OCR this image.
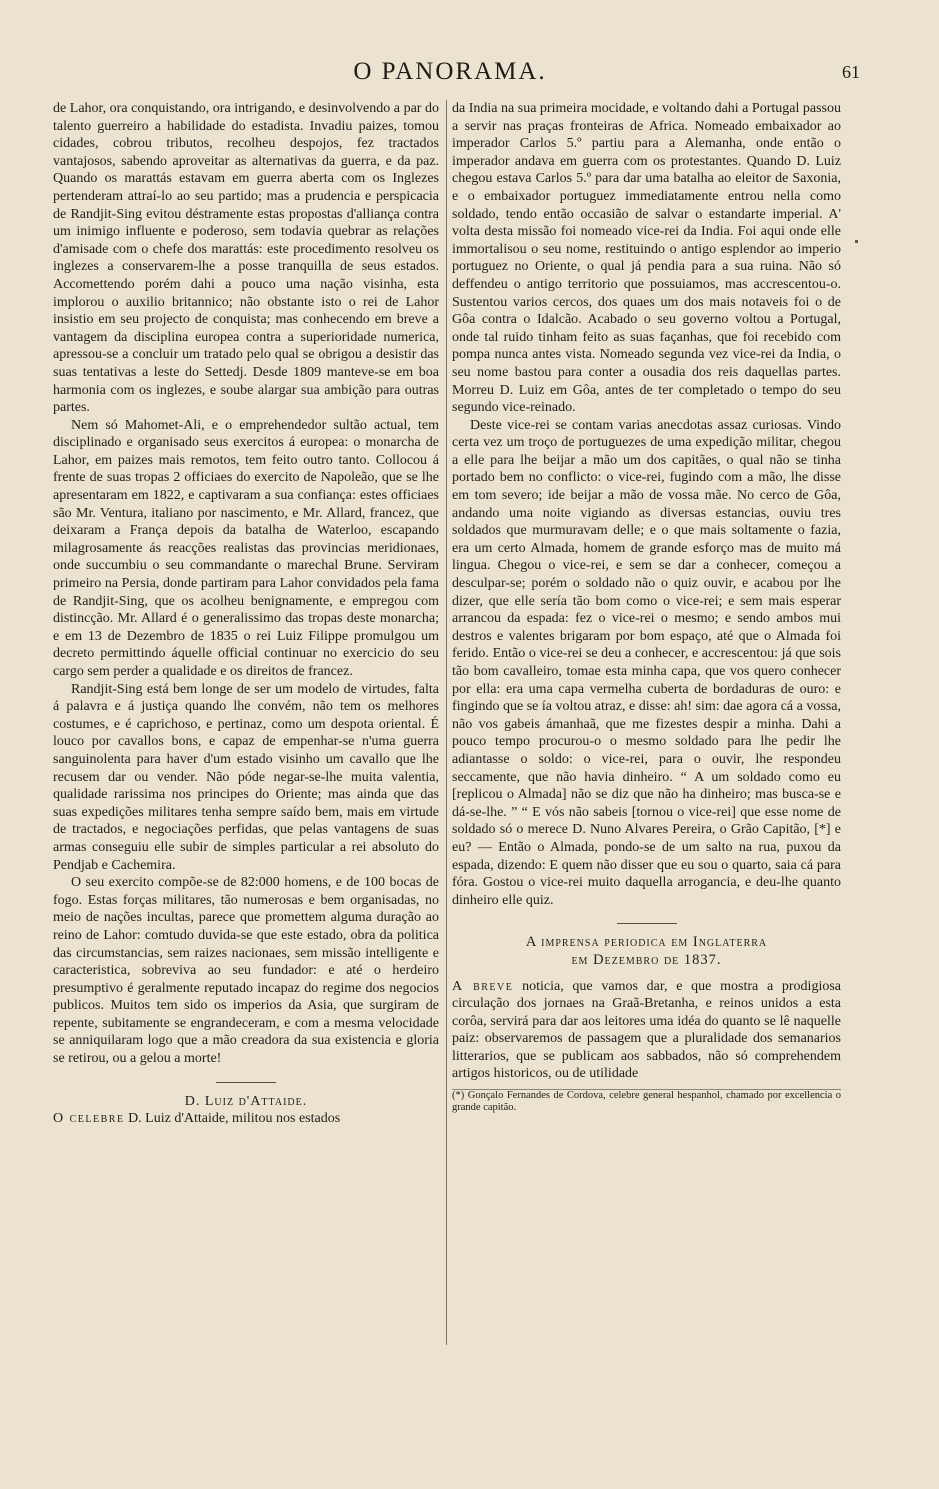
O PANORAMA.	61

de Lahor, ora conquistando, ora intrigando, e desinvolvendo a par do talento guerreiro a habilidade do estadista. Invadiu paizes, tomou cidades, cobrou tributos, recolheu despojos, fez tractados vantajosos, sabendo aproveitar as alternativas da guerra, e da paz. Quando os marattás estavam em guerra aberta com os Inglezes pertenderam attraí-lo ao seu partido; mas a prudencia e perspicacia de Randjit-Sing evitou déstramente estas propostas d'alliança contra um inimigo influente e poderoso, sem todavia quebrar as relações d'amisade com o chefe dos marattás: este procedimento resolveu os inglezes a conservarem-lhe a posse tranquilla de seus estados. Accomettendo porém dahi a pouco uma nação visinha, esta implorou o auxilio britannico; não obstante isto o rei de Lahor insistio em seu projecto de conquista; mas conhecendo em breve a vantagem da disciplina europea contra a superioridade numerica, apressou-se a concluir um tratado pelo qual se obrigou a desistir das suas tentativas a leste do Settedj. Desde 1809 manteve-se em boa harmonia com os inglezes, e soube alargar sua ambição para outras partes.

Nem só Mahomet-Ali, e o emprehendedor sultão actual, tem disciplinado e organisado seus exercitos á europea: o monarcha de Lahor, em paizes mais remotos, tem feito outro tanto. Collocou á frente de suas tropas 2 officiaes do exercito de Napoleão, que se lhe apresentaram em 1822, e captivaram a sua confiança: estes officiaes são Mr. Ventura, italiano por nascimento, e Mr. Allard, francez, que deixaram a França depois da batalha de Waterloo, escapando milagrosamente ás reacções realistas das provincias meridionaes, onde succumbiu o seu commandante o marechal Brune. Serviram primeiro na Persia, donde partiram para Lahor convidados pela fama de Randjit-Sing, que os acolheu benignamente, e empregou com distincção. Mr. Allard é o generalissimo das tropas deste monarcha; e em 13 de Dezembro de 1835 o rei Luiz Filippe promulgou um decreto permittindo áquelle official continuar no exercicio do seu cargo sem perder a qualidade e os direitos de francez.

Randjit-Sing está bem longe de ser um modelo de virtudes, falta á palavra e á justiça quando lhe convém, não tem os melhores costumes, e é caprichoso, e pertinaz, como um despota oriental. É louco por cavallos bons, e capaz de empenhar-se n'uma guerra sanguinolenta para haver d'um estado visinho um cavallo que lhe recusem dar ou vender. Não póde negar-se-lhe muita valentia, qualidade rarissima nos principes do Oriente; mas ainda que das suas expedições militares tenha sempre saído bem, mais em virtude de tractados, e negociações perfidas, que pelas vantagens de suas armas conseguiu elle subir de simples particular a rei absoluto do Pendjab e Cachemira.

O seu exercito compõe-se de 82:000 homens, e de 100 bocas de fogo. Estas forças militares, tão numerosas e bem organisadas, no meio de nações incultas, parece que promettem alguma duração ao reino de Lahor: comtudo duvida-se que este estado, obra da politica das circumstancias, sem raizes nacionaes, sem missão intelligente e caracteristica, sobreviva ao seu fundador: e até o herdeiro presumptivo é geralmente reputado incapaz do regime dos negocios publicos. Muitos tem sido os imperios da Asia, que surgiram de repente, subitamente se engrandeceram, e com a mesma velocidade se anniquilaram logo que a mão creadora da sua existencia e gloria se retirou, ou a gelou a morte!

D. Luiz d'Attaide.

O celebre D. Luiz d'Attaide, militou nos estados

da India na sua primeira mocidade, e voltando dahi a Portugal passou a servir nas praças fronteiras de Africa. Nomeado embaixador ao imperador Carlos 5.º partiu para a Alemanha, onde então o imperador andava em guerra com os protestantes. Quando D. Luiz chegou estava Carlos 5.º para dar uma batalha ao eleitor de Saxonia, e o embaixador portuguez immediatamente entrou nella como soldado, tendo então occasião de salvar o estandarte imperial. A' volta desta missão foi nomeado vice-rei da India. Foi aqui onde elle immortalisou o seu nome, restituindo o antigo esplendor ao imperio portuguez no Oriente, o qual já pendia para a sua ruina. Não só deffendeu o antigo territorio que possuiamos, mas accrescentou-o. Sustentou varios cercos, dos quaes um dos mais notaveis foi o de Gôa contra o Idalcão. Acabado o seu governo voltou a Portugal, onde tal ruido tinham feito as suas façanhas, que foi recebido com pompa nunca antes vista. Nomeado segunda vez vice-rei da India, o seu nome bastou para conter a ousadia dos reis daquellas partes. Morreu D. Luiz em Gôa, antes de ter completado o tempo do seu segundo vice-reinado.

Deste vice-rei se contam varias anecdotas assaz curiosas. Vindo certa vez um troço de portuguezes de uma expedição militar, chegou a elle para lhe beijar a mão um dos capitães, o qual não se tinha portado bem no conflicto: o vice-rei, fugindo com a mão, lhe disse em tom severo; ide beijar a mão de vossa mãe. No cerco de Gôa, andando uma noite vigiando as diversas estancias, ouviu tres soldados que murmuravam delle; e o que mais soltamente o fazia, era um certo Almada, homem de grande esforço mas de muito má lingua. Chegou o vice-rei, e sem se dar a conhecer, começou a desculpar-se; porém o soldado não o quiz ouvir, e acabou por lhe dizer, que elle sería tão bom como o vice-rei; e sem mais esperar arrancou da espada: fez o vice-rei o mesmo; e sendo ambos mui destros e valentes brigaram por bom espaço, até que o Almada foi ferido. Então o vice-rei se deu a conhecer, e accrescentou: já que sois tão bom cavalleiro, tomae esta minha capa, que vos quero conhecer por ella: era uma capa vermelha cuberta de bordaduras de ouro: e fingindo que se ía voltou atraz, e disse: ah! sim: dae agora cá a vossa, não vos gabeis ámanhaã, que me fizestes despir a minha. Dahi a pouco tempo procurou-o o mesmo soldado para lhe pedir lhe adiantasse o soldo: o vice-rei, para o ouvir, lhe respondeu seccamente, que não havia dinheiro. “ A um soldado como eu [replicou o Almada] não se diz que não ha dinheiro; mas busca-se e dá-se-lhe. ” “ E vós não sabeis [tornou o vice-rei] que esse nome de soldado só o merece D. Nuno Alvares Pereira, o Grão Capitão, [*] e eu? — Então o Almada, pondo-se de um salto na rua, puxou da espada, dizendo: E quem não disser que eu sou o quarto, saia cá para fóra. Gostou o vice-rei muito daquella arrogancia, e deu-lhe quanto dinheiro elle quiz.

A imprensa periodica em Inglaterra

em Dezembro de 1837.

A breve noticia, que vamos dar, e que mostra a prodigiosa circulação dos jornaes na Graã-Bretanha, e reinos unidos a esta corôa, servirá para dar aos leitores uma idéa do quanto se lê naquelle paiz: observaremos de passagem que a pluralidade dos semanarios litterarios, que se publicam aos sabbados, não só comprehendem artigos historicos, ou de utilidade

(*) Gonçalo Fernandes de Cordova, celebre general hespanhol, chamado por excellencia o grande capitão.
